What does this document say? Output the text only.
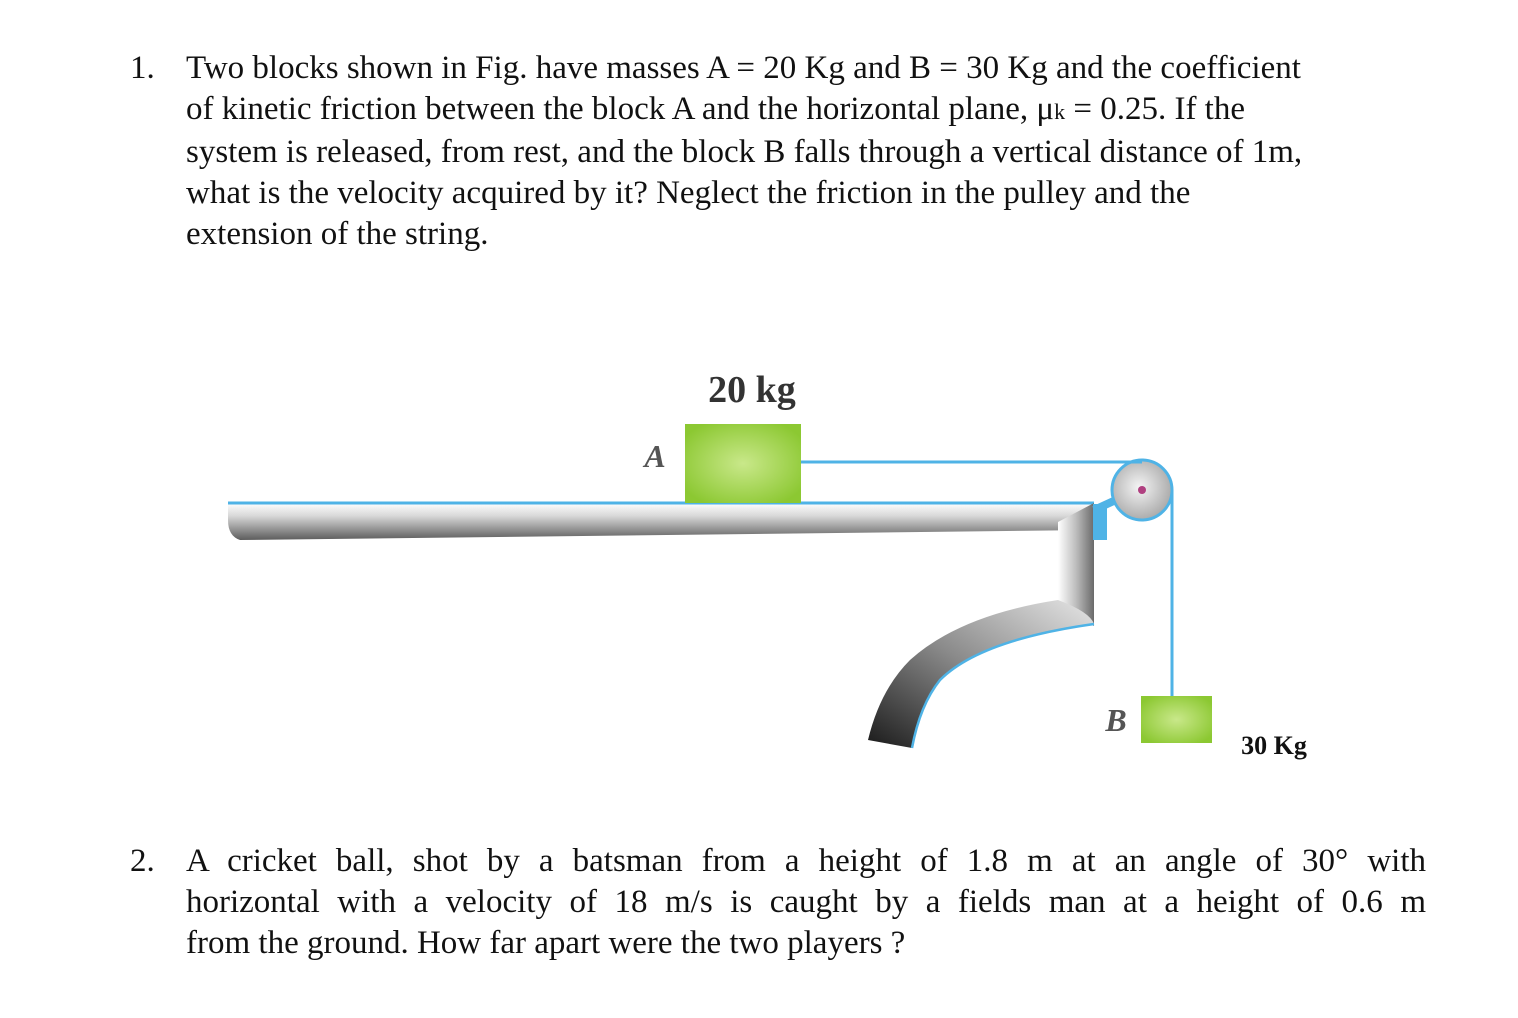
1. Two blocks shown in Fig. have masses A = 20 Kg and B = 30 Kg and the coefficient
of kinetic friction between the block A and the horizontal plane, μk = 0.25. If the
system is released, from rest, and the block B falls through a vertical distance of 1m,
what is the velocity acquired by it? Neglect the friction in the pulley and the
extension of the string.
20 kg
A
B
30 Kg
2. A cricket ball, shot by a batsman from a height of 1.8 m at an angle of 30° with
horizontal with a velocity of 18 m/s is caught by a fields man at a height of 0.6 m
from the ground. How far apart were the two players ?
